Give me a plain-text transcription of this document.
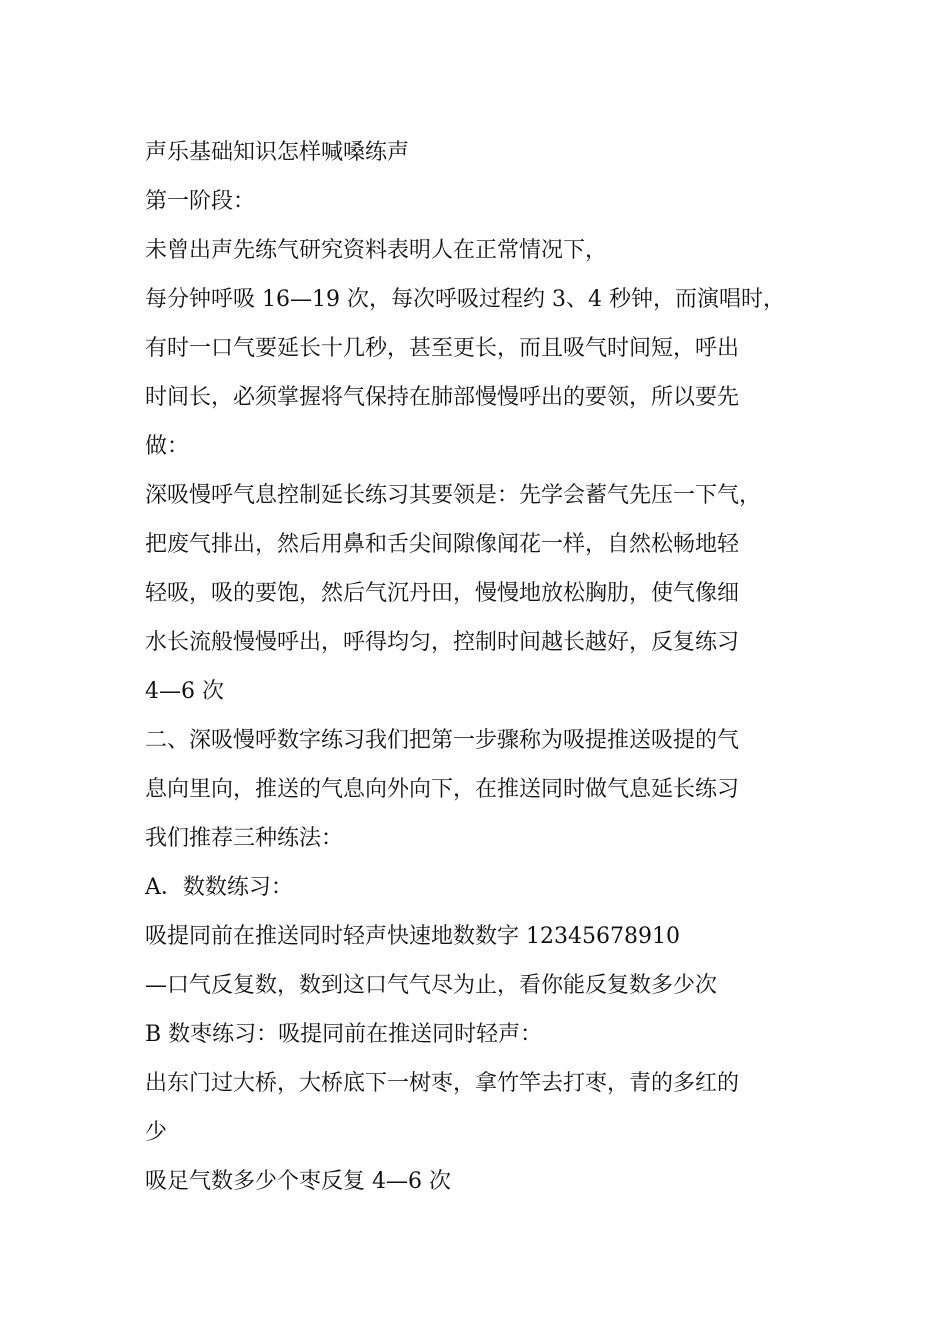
声乐基础知识怎样喊嗓练声
第一阶段：
未曾出声先练气研究资料表明人在正常情况下，
每分钟呼吸 16—19 次，每次呼吸过程约 3、4 秒钟，而演唱时，
有时一口气要延长十几秒，甚至更长，而且吸气时间短，呼出
时间长，必须掌握将气保持在肺部慢慢呼出的要领，所以要先
做：
深吸慢呼气息控制延长练习其要领是：先学会蓄气先压一下气，
把废气排出，然后用鼻和舌尖间隙像闻花一样，自然松畅地轻
轻吸，吸的要饱，然后气沉丹田，慢慢地放松胸肋，使气像细
水长流般慢慢呼出，呼得均匀，控制时间越长越好，反复练习
4—6 次
二、深吸慢呼数字练习我们把第一步骤称为吸提推送吸提的气
息向里向，推送的气息向外向下，在推送同时做气息延长练习
我们推荐三种练法：
A．数数练习：
吸提同前在推送同时轻声快速地数数字 12345678910
—口气反复数，数到这口气气尽为止，看你能反复数多少次
B 数枣练习：吸提同前在推送同时轻声：
出东门过大桥，大桥底下一树枣，拿竹竿去打枣，青的多红的
少
吸足气数多少个枣反复 4—6 次
